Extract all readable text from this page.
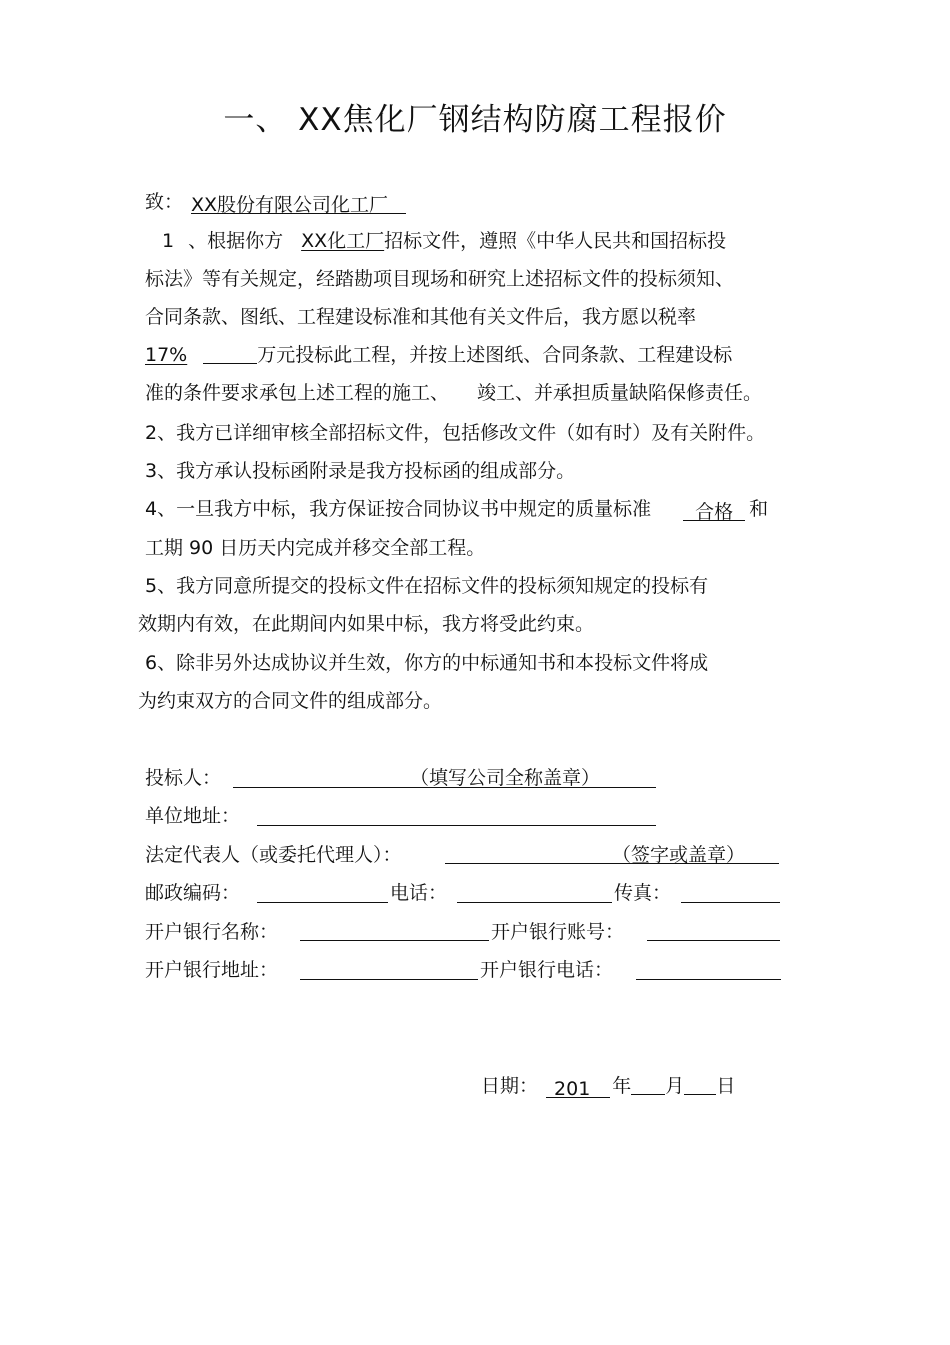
一、 XX焦化厂钢结构防腐工程报价
致： XX股份有限公司化工厂
1 、根据你方 XX化工厂招标文件，遵照《中华人民共和国招标投
标法》等有关规定，经踏勘项目现场和研究上述招标文件的投标须知、
合同条款、图纸、工程建设标准和其他有关文件后，我方愿以税率
17%	万元投标此工程，并按上述图纸、合同条款、工程建设标
准的条件要求承包上述工程的施工、 竣工、并承担质量缺陷保修责任。
2、我方已详细审核全部招标文件，包括修改文件（如有时）及有关附件。
3、我方承认投标函附录是我方投标函的组成部分。
4、一旦我方中标，我方保证按合同协议书中规定的质量标准 合格 和
工期 90 日历天内完成并移交全部工程。
5、我方同意所提交的投标文件在招标文件的投标须知规定的投标有
效期内有效，在此期间内如果中标，我方将受此约束。
6、除非另外达成协议并生效，你方的中标通知书和本投标文件将成
为约束双方的合同文件的组成部分。
投标人：	（填写公司全称盖章）
单位地址：
法定代表人（或委托代理人）：	（签字或盖章）
邮政编码：	电话：	传真：
开户银行名称：	开户银行账号：
开户银行地址：	开户银行电话：
日期： 201 年 月 日
